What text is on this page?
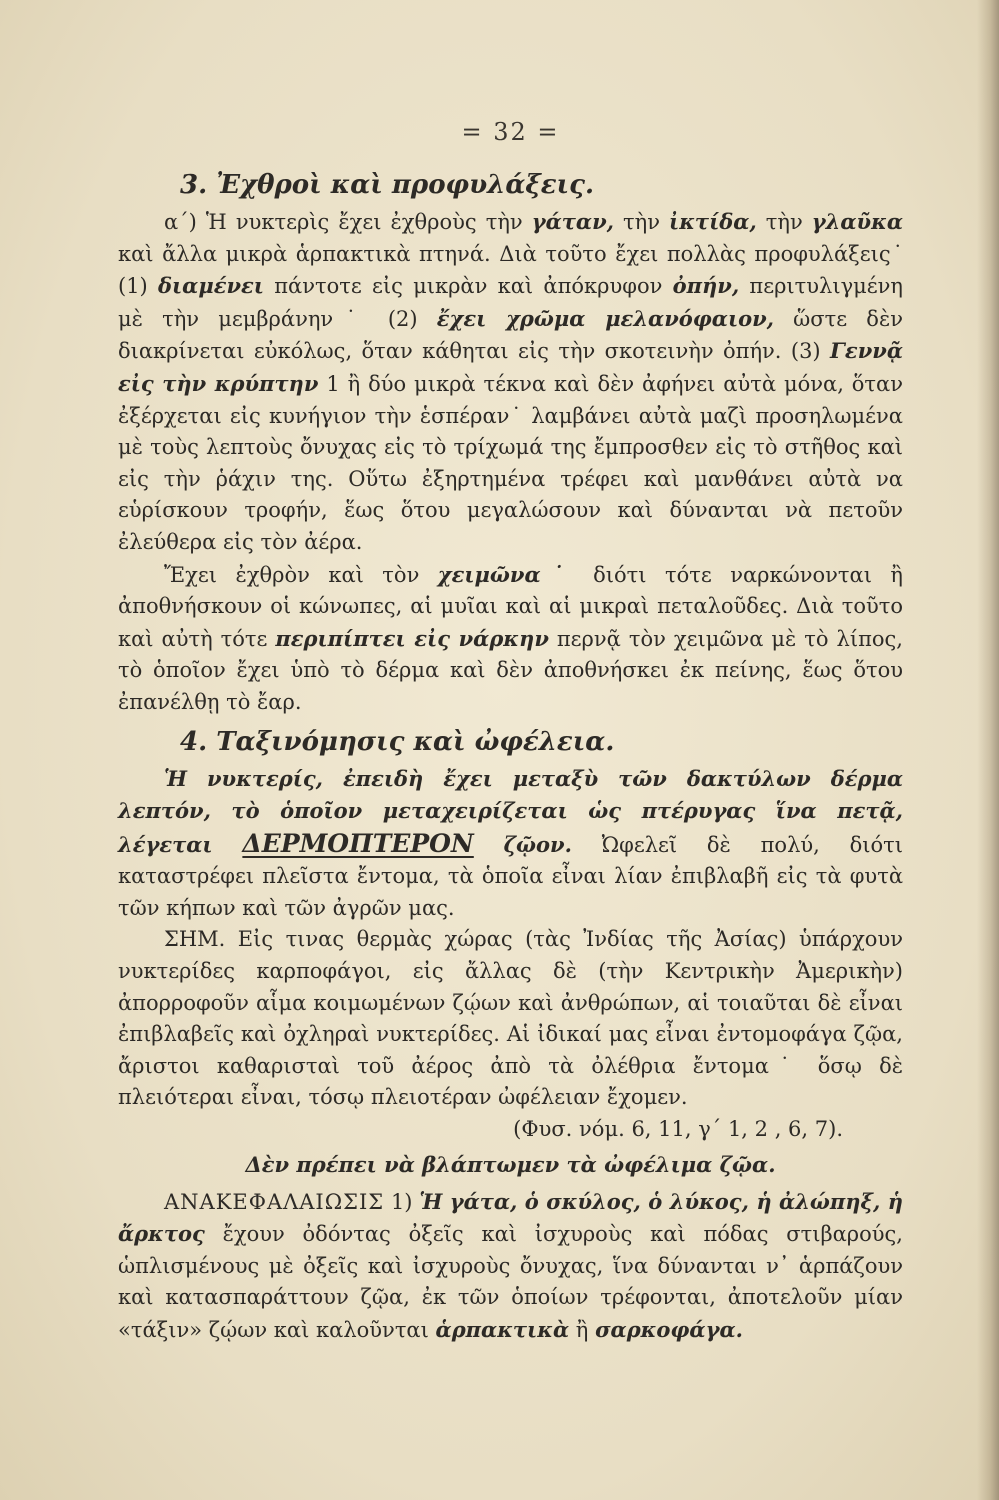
= 32 =
3. Ἐχθροὶ καὶ προφυλάξεις.

α΄) Ἡ νυκτερὶς ἔχει ἐχθροὺς τὴν γάταν, τὴν ἰκτίδα, τὴν γλαῦκα καὶ ἄλλα μικρὰ ἁρπακτικὰ πτηνά. Διὰ τοῦτο ἔχει πολλὰς προφυλάξεις˙ (1) διαμένει πάντοτε εἰς μικρὰν καὶ ἀπόκρυφον ὀπήν, περιτυλιγμένη μὲ τὴν μεμβράνην˙ (2) ἔχει χρῶμα μελανόφαιον, ὥστε δὲν διακρίνεται εὐκόλως, ὅταν κάθηται εἰς τὴν σκοτεινὴν ὀπήν. (3) Γεννᾷ εἰς τὴν κρύπτην 1 ἢ δύο μικρὰ τέκνα καὶ δὲν ἀφήνει αὐτὰ μόνα, ὅταν ἐξέρχεται εἰς κυνήγιον τὴν ἑσπέραν˙ λαμβάνει αὐτὰ μαζὶ προσηλωμένα μὲ τοὺς λεπτοὺς ὄνυχας εἰς τὸ τρίχωμά της ἔμπροσθεν εἰς τὸ στῆθος καὶ εἰς τὴν ῥάχιν της. Οὕτω ἐξηρτημένα τρέφει καὶ μανθάνει αὐτὰ να εὑρίσκουν τροφήν, ἕως ὅτου μεγαλώσουν καὶ δύνανται νὰ πετοῦν ἐλεύθερα εἰς τὸν ἀέρα.

Ἔχει ἐχθρὸν καὶ τὸν χειμῶνα˙ διότι τότε ναρκώνονται ἢ ἀποθνήσκουν οἱ κώνωπες, αἱ μυῖαι καὶ αἱ μικραὶ πεταλοῦδες. Διὰ τοῦτο καὶ αὐτὴ τότε περιπίπτει εἰς νάρκην περνᾷ τὸν χειμῶνα μὲ τὸ λίπος, τὸ ὁποῖον ἔχει ὑπὸ τὸ δέρμα καὶ δὲν ἀποθνήσκει ἐκ πείνης, ἕως ὅτου ἐπανέλθῃ τὸ ἔαρ.

4. Ταξινόμησις καὶ ὠφέλεια.

Ἡ νυκτερίς, ἐπειδὴ ἔχει μεταξὺ τῶν δακτύλων δέρμα λεπτόν, τὸ ὁποῖον μεταχειρίζεται ὡς πτέρυγας ἵνα πετᾷ, λέγεται ΔΕΡΜΟΠΤΕΡΟΝ ζῷον. Ὠφελεῖ δὲ πολύ, διότι καταστρέφει πλεῖστα ἔντομα, τὰ ὁποῖα εἶναι λίαν ἐπιβλαβῆ εἰς τὰ φυτὰ τῶν κήπων καὶ τῶν ἀγρῶν μας.

ΣΗΜ. Εἰς τινας θερμὰς χώρας (τὰς Ἰνδίας τῆς Ἀσίας) ὑπάρχουν νυκτερίδες καρποφάγοι, εἰς ἄλλας δὲ (τὴν Κεντρικὴν Ἀμερικὴν) ἀπορροφοῦν αἷμα κοιμωμένων ζῴων καὶ ἀνθρώπων, αἱ τοιαῦται δὲ εἶναι ἐπιβλαβεῖς καὶ ὀχληραὶ νυκτερίδες. Αἱ ἰδικαί μας εἶναι ἐντομοφάγα ζῷα, ἄριστοι καθαρισταὶ τοῦ ἀέρος ἀπὸ τὰ ὀλέθρια ἔντομα˙ ὅσῳ δὲ πλειότεραι εἶναι, τόσῳ πλειοτέραν ὠφέλειαν ἔχομεν.

(Φυσ. νόμ. 6, 11, γ΄ 1, 2 , 6, 7).

Δὲν πρέπει νὰ βλάπτωμεν τὰ ὠφέλιμα ζῷα.

ΑΝΑΚΕΦΑΛΑΙΩΣΙΣ 1) Ἡ γάτα, ὁ σκύλος, ὁ λύκος, ἡ ἀλώπηξ, ἡ ἄρκτος ἔχουν ὀδόντας ὀξεῖς καὶ ἰσχυροὺς καὶ πόδας στιβαρούς, ὡπλισμένους μὲ ὀξεῖς καὶ ἰσχυροὺς ὄνυχας, ἵνα δύνανται ν᾽ ἁρπάζουν καὶ κατασπαράττουν ζῷα, ἐκ τῶν ὁποίων τρέφονται, ἀποτελοῦν μίαν «τάξιν» ζῴων καὶ καλοῦνται ἁρπακτικὰ ἢ σαρκοφάγα.
